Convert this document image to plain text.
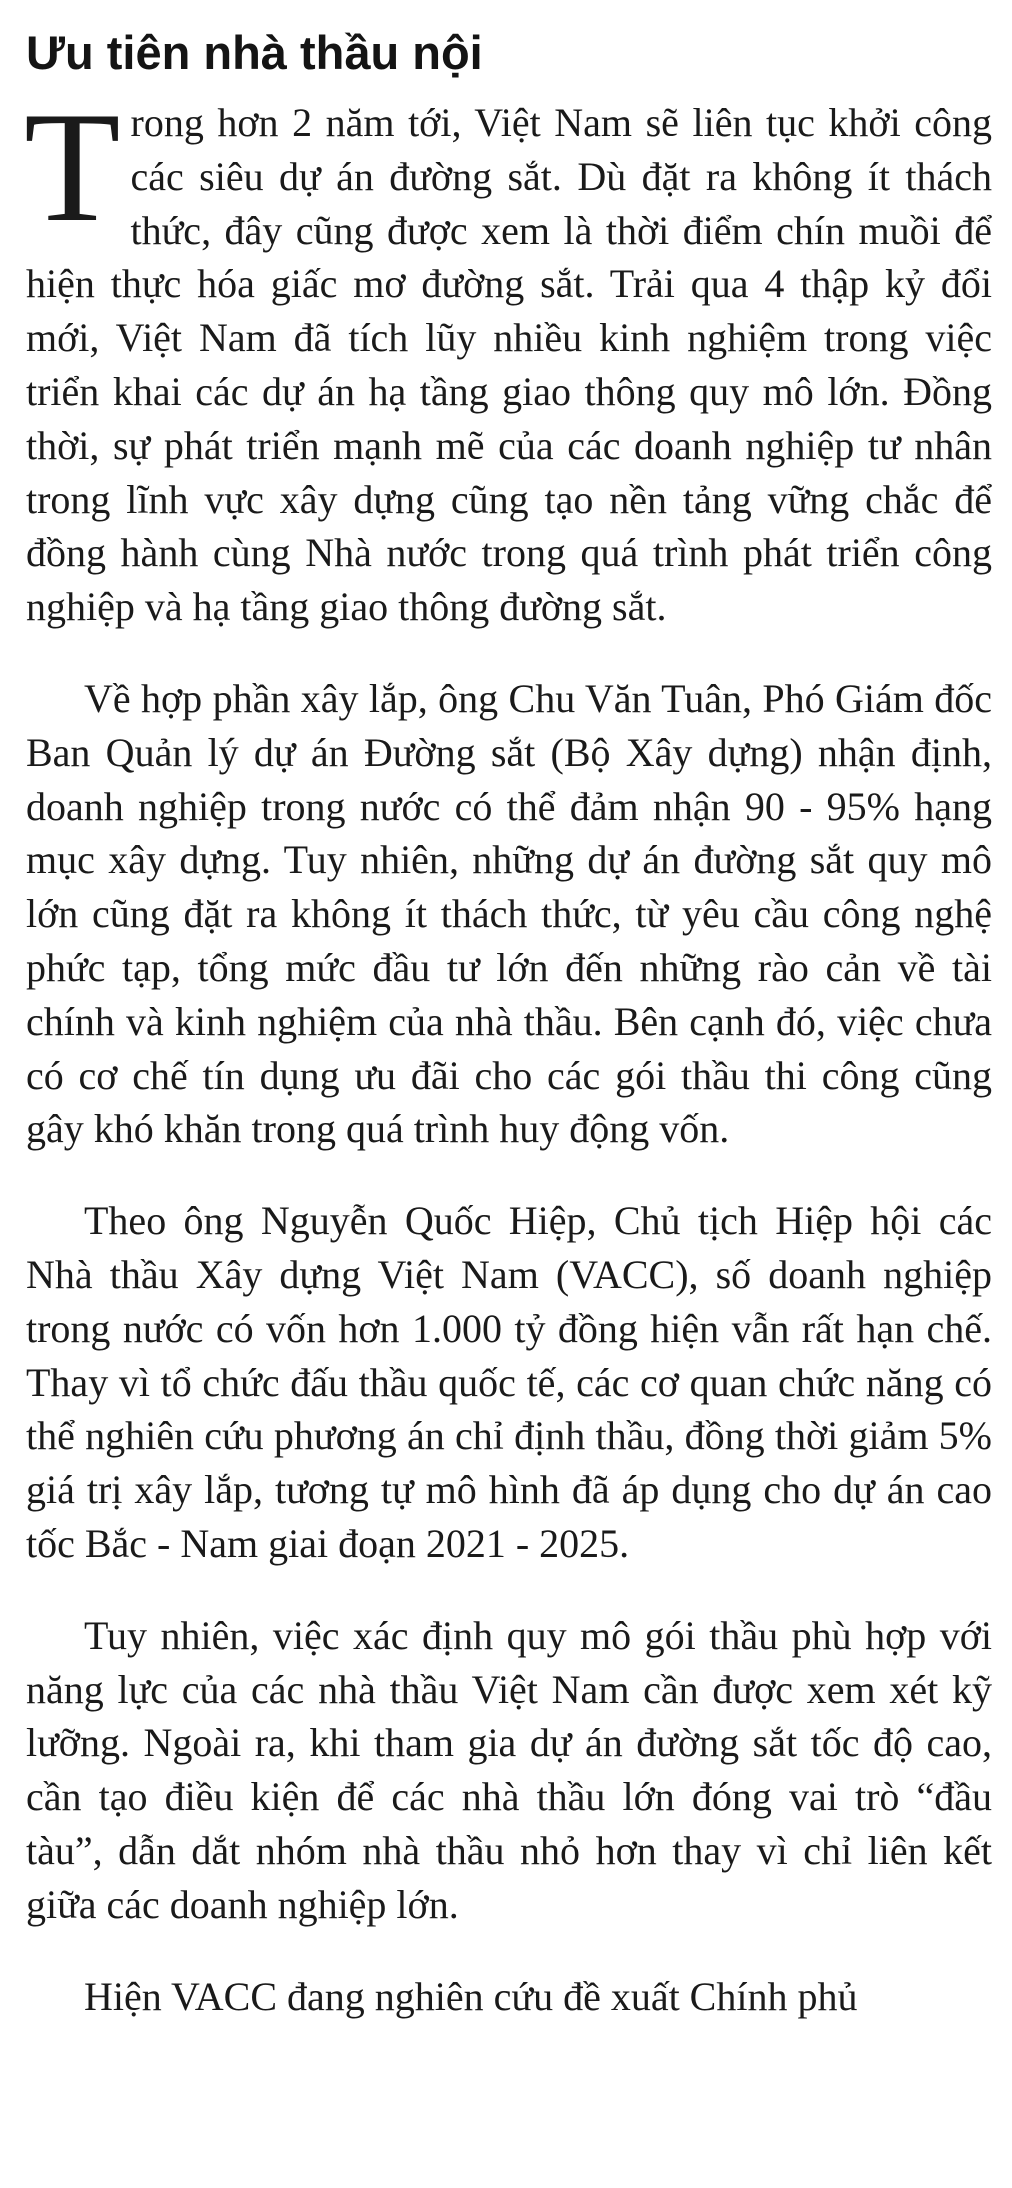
Ưu tiên nhà thầu nội

Trong hơn 2 năm tới, Việt Nam sẽ liên tục khởi công các siêu dự án đường sắt. Dù đặt ra không ít thách thức, đây cũng được xem là thời điểm chín muồi để hiện thực hóa giấc mơ đường sắt. Trải qua 4 thập kỷ đổi mới, Việt Nam đã tích lũy nhiều kinh nghiệm trong việc triển khai các dự án hạ tầng giao thông quy mô lớn. Đồng thời, sự phát triển mạnh mẽ của các doanh nghiệp tư nhân trong lĩnh vực xây dựng cũng tạo nền tảng vững chắc để đồng hành cùng Nhà nước trong quá trình phát triển công nghiệp và hạ tầng giao thông đường sắt.

Về hợp phần xây lắp, ông Chu Văn Tuân, Phó Giám đốc Ban Quản lý dự án Đường sắt (Bộ Xây dựng) nhận định, doanh nghiệp trong nước có thể đảm nhận 90 - 95% hạng mục xây dựng. Tuy nhiên, những dự án đường sắt quy mô lớn cũng đặt ra không ít thách thức, từ yêu cầu công nghệ phức tạp, tổng mức đầu tư lớn đến những rào cản về tài chính và kinh nghiệm của nhà thầu. Bên cạnh đó, việc chưa có cơ chế tín dụng ưu đãi cho các gói thầu thi công cũng gây khó khăn trong quá trình huy động vốn.

Theo ông Nguyễn Quốc Hiệp, Chủ tịch Hiệp hội các Nhà thầu Xây dựng Việt Nam (VACC), số doanh nghiệp trong nước có vốn hơn 1.000 tỷ đồng hiện vẫn rất hạn chế. Thay vì tổ chức đấu thầu quốc tế, các cơ quan chức năng có thể nghiên cứu phương án chỉ định thầu, đồng thời giảm 5% giá trị xây lắp, tương tự mô hình đã áp dụng cho dự án cao tốc Bắc - Nam giai đoạn 2021 - 2025.

Tuy nhiên, việc xác định quy mô gói thầu phù hợp với năng lực của các nhà thầu Việt Nam cần được xem xét kỹ lưỡng. Ngoài ra, khi tham gia dự án đường sắt tốc độ cao, cần tạo điều kiện để các nhà thầu lớn đóng vai trò “đầu tàu”, dẫn dắt nhóm nhà thầu nhỏ hơn thay vì chỉ liên kết giữa các doanh nghiệp lớn.

Hiện VACC đang nghiên cứu đề xuất Chính phủ
